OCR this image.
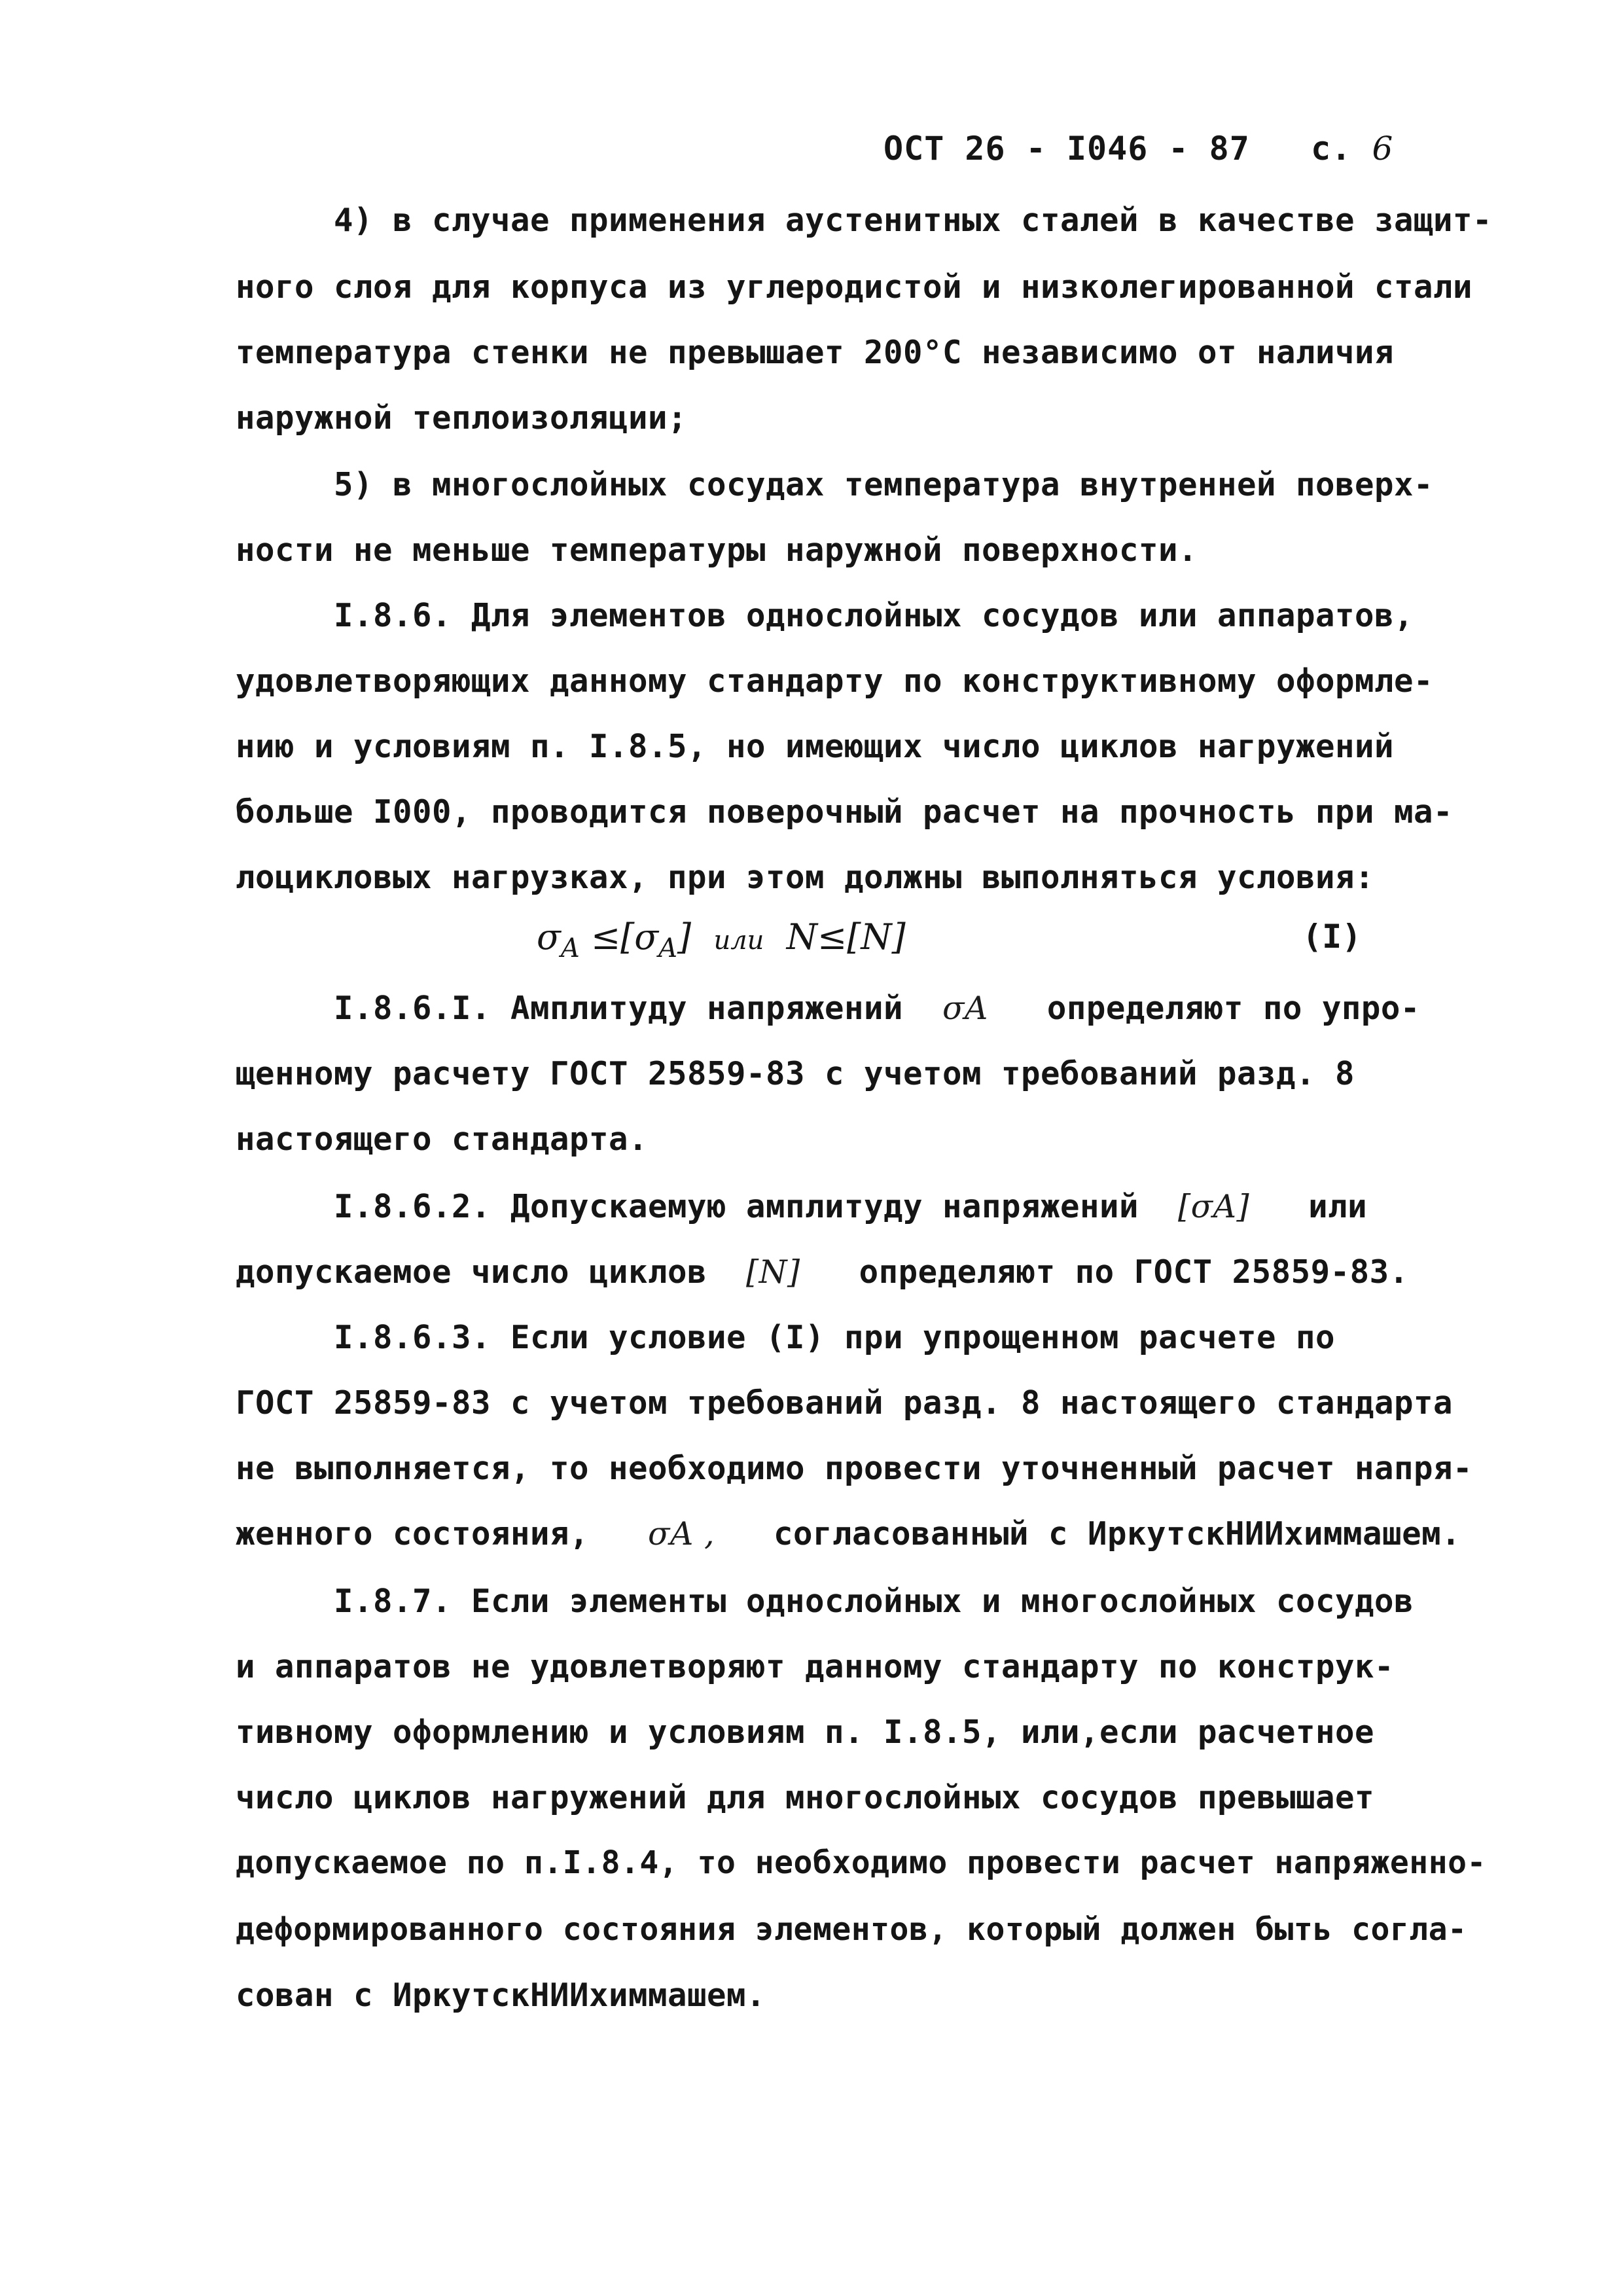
ОСТ 26 - I046 - 87 с. 6
4) в случае применения аустенитных сталей в качестве защит-
ного слоя для корпуса из углеродистой и низколегированной стали
температура стенки не превышает 200°С независимо от наличия
наружной теплоизоляции;
5) в многослойных сосудах температура внутренней поверх-
ности не меньше температуры наружной поверхности.
I.8.6. Для элементов однослойных сосудов или аппаратов,
удовлетворяющих данному стандарту по конструктивному оформле-
нию и условиям п. I.8.5, но имеющих число циклов нагружений
больше I000, проводится поверочный расчет на прочность при ма-
лоцикловых нагрузках, при этом должны выполняться условия:
$\sigma_A \le[\sigma_A]$ или N≤[N]	(I)
I.8.6.I. Амплитуду напряжений σA определяют по упро-
щенному расчету ГОСТ 25859-83 с учетом требований разд. 8
настоящего стандарта.
I.8.6.2. Допускаемую амплитуду напряжений [σA] или
допускаемое число циклов [N] определяют по ГОСТ 25859-83.
I.8.6.3. Если условие (I) при упрощенном расчете по
ГОСТ 25859-83 с учетом требований разд. 8 настоящего стандарта
не выполняется, то необходимо провести уточненный расчет напря-
женного состояния, σA , согласованный с ИркутскНИИхиммашем.
I.8.7. Если элементы однослойных и многослойных сосудов
и аппаратов не удовлетворяют данному стандарту по конструк-
тивному оформлению и условиям п. I.8.5, или,если расчетное
число циклов нагружений для многослойных сосудов превышает
допускаемое по п.I.8.4, то необходимо провести расчет напряженно-
деформированного состояния элементов, который должен быть согла-
сован с ИркутскНИИхиммашем.
